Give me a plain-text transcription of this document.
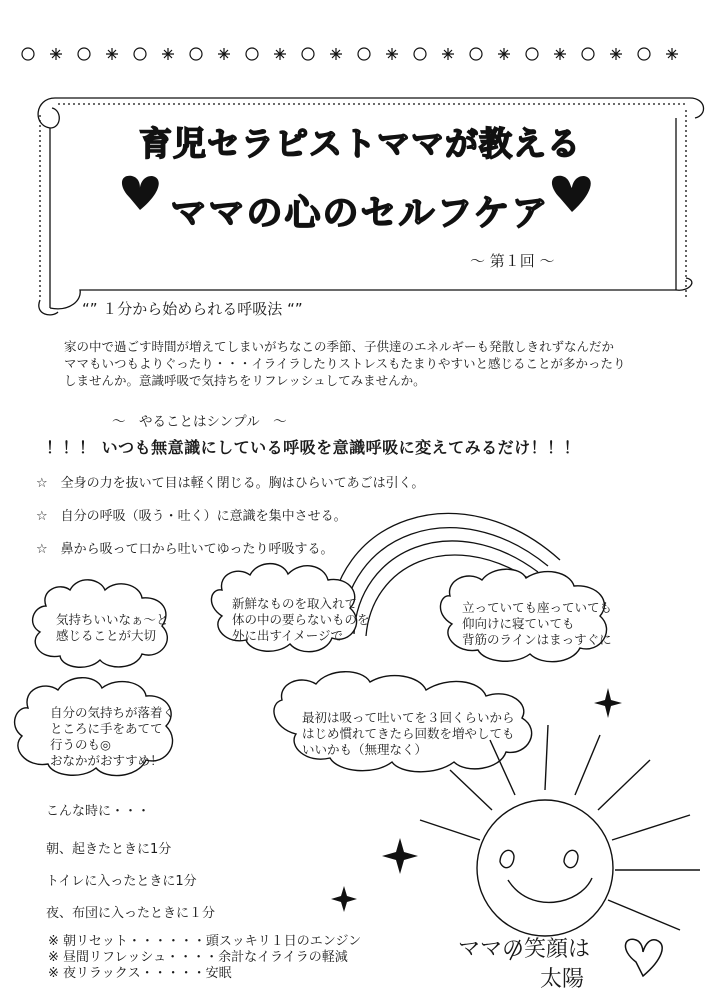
育児セラピストママが教える
ママの心のセルフケア
～ 第１回 ～
“” １分から始められる呼吸法 “”
家の中で過ごす時間が増えてしまいがちなこの季節、子供達のエネルギーも発散しきれずなんだか
ママもいつもよりぐったり・・・イライラしたりストレスもたまりやすいと感じることが多かったり
しませんか。意識呼吸で気持ちをリフレッシュしてみませんか。
～　やることはシンプル　～
！！！ いつも無意識にしている呼吸を意識呼吸に変えてみるだけ！！！
☆　全身の力を抜いて目は軽く閉じる。胸はひらいてあごは引く。
☆　自分の呼吸（吸う・吐く）に意識を集中させる。
☆　鼻から吸って口から吐いてゆったり呼吸する。
気持ちいいなぁ～と
感じることが大切
新鮮なものを取入れて
体の中の要らないものを
外に出すイメージで
立っていても座っていても
仰向けに寝ていても
背筋のラインはまっすぐに
自分の気持ちが落着く
ところに手をあてて
行うのも◎
おなかがおすすめ！
最初は吸って吐いてを３回くらいから
はじめ慣れてきたら回数を増やしても
いいかも（無理なく）
こんな時に・・・
朝、起きたときに1分
トイレに入ったときに1分
夜、布団に入ったときに１分
※ 朝リセット・・・・・・頭スッキリ１日のエンジン
※ 昼間リフレッシュ・・・・余計なイライラの軽減
※ 夜リラックス・・・・・安眠
ママの笑顔は
太陽
